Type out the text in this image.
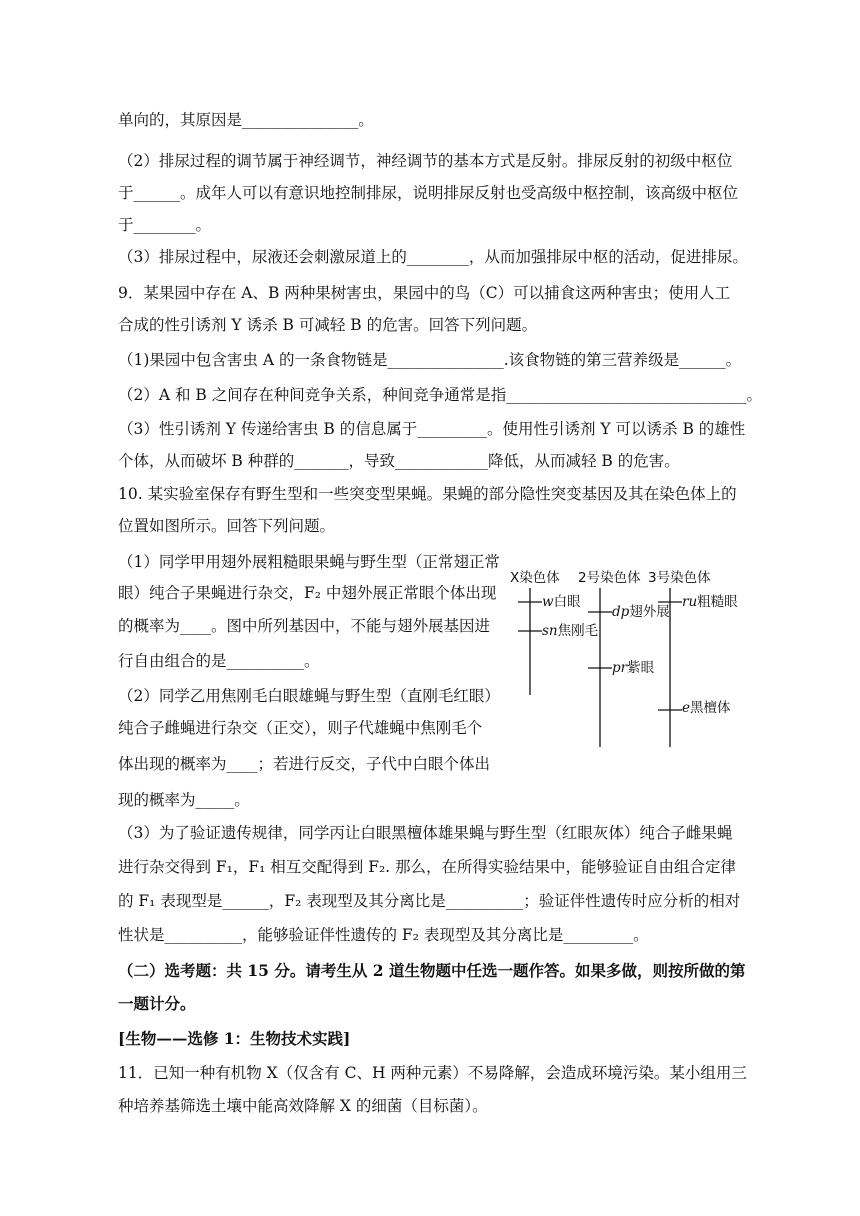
单向的，其原因是_______________。
（2）排尿过程的调节属于神经调节，神经调节的基本方式是反射。排尿反射的初级中枢位
于______。成年人可以有意识地控制排尿，说明排尿反射也受高级中枢控制，该高级中枢位
于________。
（3）排尿过程中，尿液还会刺激尿道上的________，从而加强排尿中枢的活动，促进排尿。
9．某果园中存在 A、B 两种果树害虫，果园中的鸟（C）可以捕食这两种害虫；使用人工
合成的性引诱剂 Y 诱杀 B 可减轻 B 的危害。回答下列问题。
（1)果园中包含害虫 A 的一条食物链是_______________.该食物链的第三营养级是______。
（2）A 和 B 之间存在种间竞争关系，种间竞争通常是指_______________________________。
（3）性引诱剂 Y 传递给害虫 B 的信息属于_________。使用性引诱剂 Y 可以诱杀 B 的雄性
个体，从而破坏 B 种群的_______，导致____________降低，从而减轻 B 的危害。
10. 某实验室保存有野生型和一些突变型果蝇。果蝇的部分隐性突变基因及其在染色体上的
位置如图所示。回答下列问题。
（1）同学甲用翅外展粗糙眼果蝇与野生型（正常翅正常
眼）纯合子果蝇进行杂交，F₂ 中翅外展正常眼个体出现
的概率为____。图中所列基因中，不能与翅外展基因进
行自由组合的是__________。
（2）同学乙用焦刚毛白眼雄蝇与野生型（直刚毛红眼）
纯合子雌蝇进行杂交（正交），则子代雄蝇中焦刚毛个
体出现的概率为____；若进行反交，子代中白眼个体出
现的概率为_____。
X染色体 2号染色体 3号染色体
w白眼
sn焦刚毛
dp翅外展
pr紫眼
ru粗糙眼
e黑檀体
（3）为了验证遗传规律，同学丙让白眼黑檀体雄果蝇与野生型（红眼灰体）纯合子雌果蝇
进行杂交得到 F₁，F₁ 相互交配得到 F₂. 那么，在所得实验结果中，能够验证自由组合定律
的 F₁ 表现型是______，F₂ 表现型及其分离比是__________；验证伴性遗传时应分析的相对
性状是__________，能够验证伴性遗传的 F₂ 表现型及其分离比是_________。
（二）选考题：共 15 分。请考生从 2 道生物题中任选一题作答。如果多做，则按所做的第
一题计分。
[生物——选修 1：生物技术实践]
11．已知一种有机物 X（仅含有 C、H 两种元素）不易降解，会造成环境污染。某小组用三
种培养基筛选土壤中能高效降解 X 的细菌（目标菌）。
